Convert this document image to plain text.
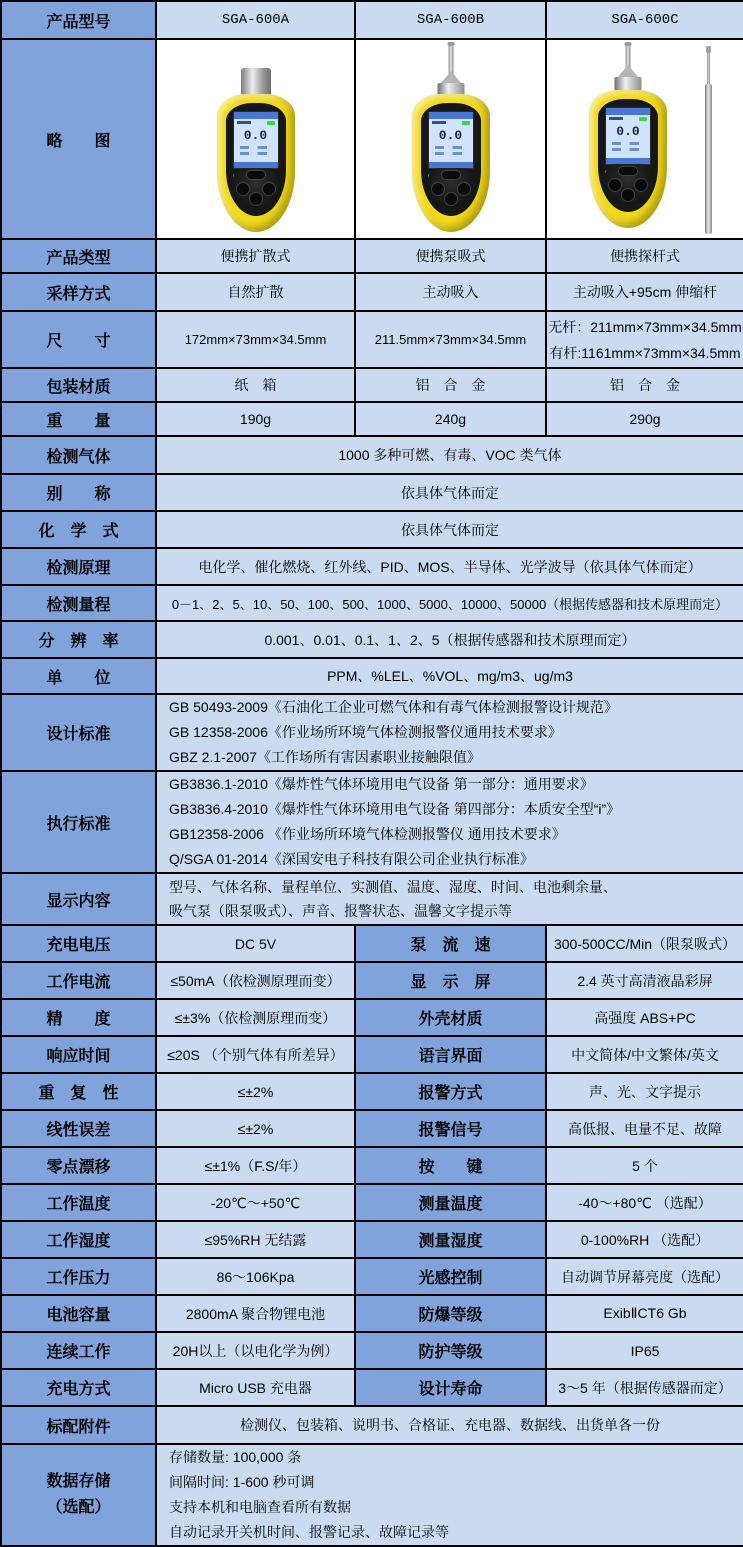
产品型号	SGA-600A	SGA-600B	SGA-600C
略　　图	0.0	0.0	0.0

产品类型	便携扩散式	便携泵吸式	便携探杆式
采样方式	自然扩散	主动吸入	主动吸入+95cm 伸缩杆
尺　　寸	172mm×73mm×34.5mm	211.5mm×73mm×34.5mm	无杆：211mm×73mm×34.5mm
有杆:1161mm×73mm×34.5mm

包装材质	纸　箱	铝　合　金	铝　合　金
重　　量	190g	240g	290g
检测气体	1000 多种可燃、有毒、VOC 类气体		
别　　称	依具体气体而定		
化　学　式	依具体气体而定		
检测原理	电化学、催化燃烧、红外线、PID、MOS、半导体、光学波导（依具体气体而定）		
检测量程	0－1、2、5、10、50、100、500、1000、5000、10000、50000（根据传感器和技术原理而定）		
分　辨　率	0.001、0.01、0.1、1、2、5（根据传感器和技术原理而定）		
单　　位	PPM、%LEL、%VOL、mg/m3、ug/m3		
设计标准	GB 50493-2009《石油化工企业可燃气体和有毒气体检测报警设计规范》
GB 12358-2006《作业场所环境气体检测报警仪通用技术要求》
GBZ 2.1-2007《工作场所有害因素职业接触限值》		

执行标准	GB3836.1-2010《爆炸性气体环境用电气设备 第一部分：通用要求》
GB3836.4-2010《爆炸性气体环境用电气设备 第四部分：本质安全型“i”》
GB12358-2006 《作业场所环境气体检测报警仪 通用技术要求》
Q/SGA 01-2014《深国安电子科技有限公司企业执行标准》		

显示内容	型号、气体名称、量程单位、实测值、温度、湿度、时间、电池剩余量、
吸气泵（限泵吸式）、声音、报警状态、温馨文字提示等		

充电电压	DC 5V	泵　流　速	300-500CC/Min（限泵吸式）
工作电流	≤50mA（依检测原理而变）	显　示　屏	2.4 英寸高清液晶彩屏
精　　度	≤±3%（依检测原理而变）	外壳材质	高强度 ABS+PC
响应时间	≤20S （个别气体有所差异）	语言界面	中文简体/中文繁体/英文
重　复　性	≤±2%	报警方式	声、光、文字提示
线性误差	≤±2%	报警信号	高低报、电量不足、故障
零点漂移	≤±1%（F.S/年）	按　　键	5 个
工作温度	-20℃～+50℃	测量温度	-40～+80℃ （选配）
工作湿度	≤95%RH 无结露	测量湿度	0-100%RH （选配）
工作压力	86～106Kpa	光感控制	自动调节屏幕亮度（选配）
电池容量	2800mA 聚合物锂电池	防爆等级	ExibⅡCT6 Gb
连续工作	20H以上（以电化学为例）	防护等级	IP65
充电方式	Micro USB 充电器	设计寿命	3～5 年（根据传感器而定）
标配附件	检测仪、包装箱、说明书、合格证、充电器、数据线、出货单各一份		

数据存储
（选配）

存储数量: 100,000 条
间隔时间: 1-600 秒可调
支持本机和电脑查看所有数据
自动记录开关机时间、报警记录、故障记录等
